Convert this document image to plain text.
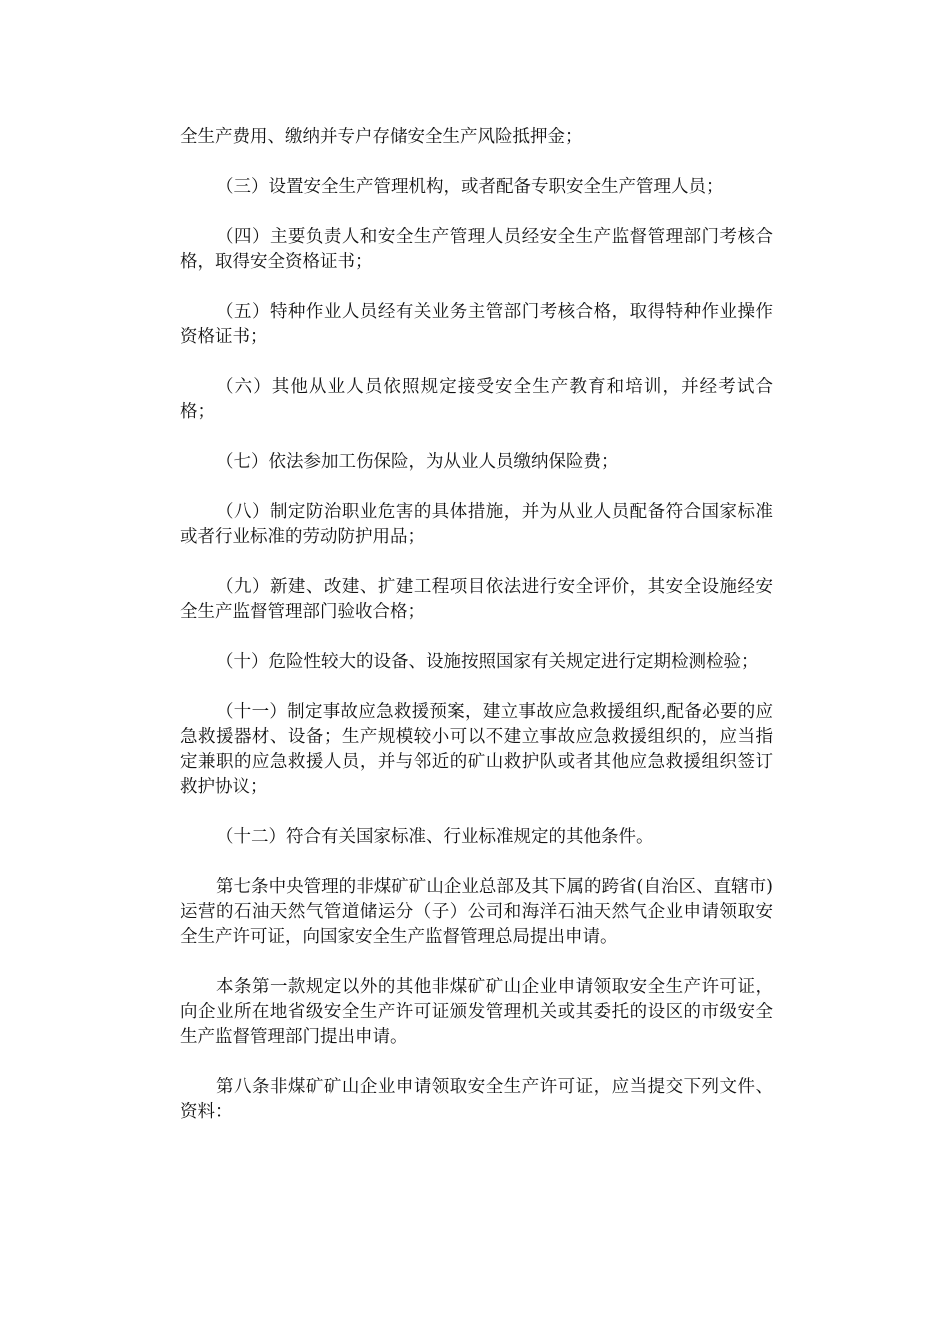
全生产费用、缴纳并专户存储安全生产风险抵押金；

（三）设置安全生产管理机构，或者配备专职安全生产管理人员；

（四）主要负责人和安全生产管理人员经安全生产监督管理部门考核合格，取得安全资格证书；

（五）特种作业人员经有关业务主管部门考核合格，取得特种作业操作资格证书；

（六）其他从业人员依照规定接受安全生产教育和培训，并经考试合格；

（七）依法参加工伤保险，为从业人员缴纳保险费；

（八）制定防治职业危害的具体措施，并为从业人员配备符合国家标准或者行业标准的劳动防护用品；

（九）新建、改建、扩建工程项目依法进行安全评价，其安全设施经安全生产监督管理部门验收合格；

（十）危险性较大的设备、设施按照国家有关规定进行定期检测检验；

（十一）制定事故应急救援预案，建立事故应急救援组织,配备必要的应急救援器材、设备；生产规模较小可以不建立事故应急救援组织的，应当指定兼职的应急救援人员，并与邻近的矿山救护队或者其他应急救援组织签订救护协议；

（十二）符合有关国家标准、行业标准规定的其他条件。

第七条中央管理的非煤矿矿山企业总部及其下属的跨省(自治区、直辖市)运营的石油天然气管道储运分（子）公司和海洋石油天然气企业申请领取安全生产许可证，向国家安全生产监督管理总局提出申请。

本条第一款规定以外的其他非煤矿矿山企业申请领取安全生产许可证，向企业所在地省级安全生产许可证颁发管理机关或其委托的设区的市级安全生产监督管理部门提出申请。

第八条非煤矿矿山企业申请领取安全生产许可证，应当提交下列文件、资料：
